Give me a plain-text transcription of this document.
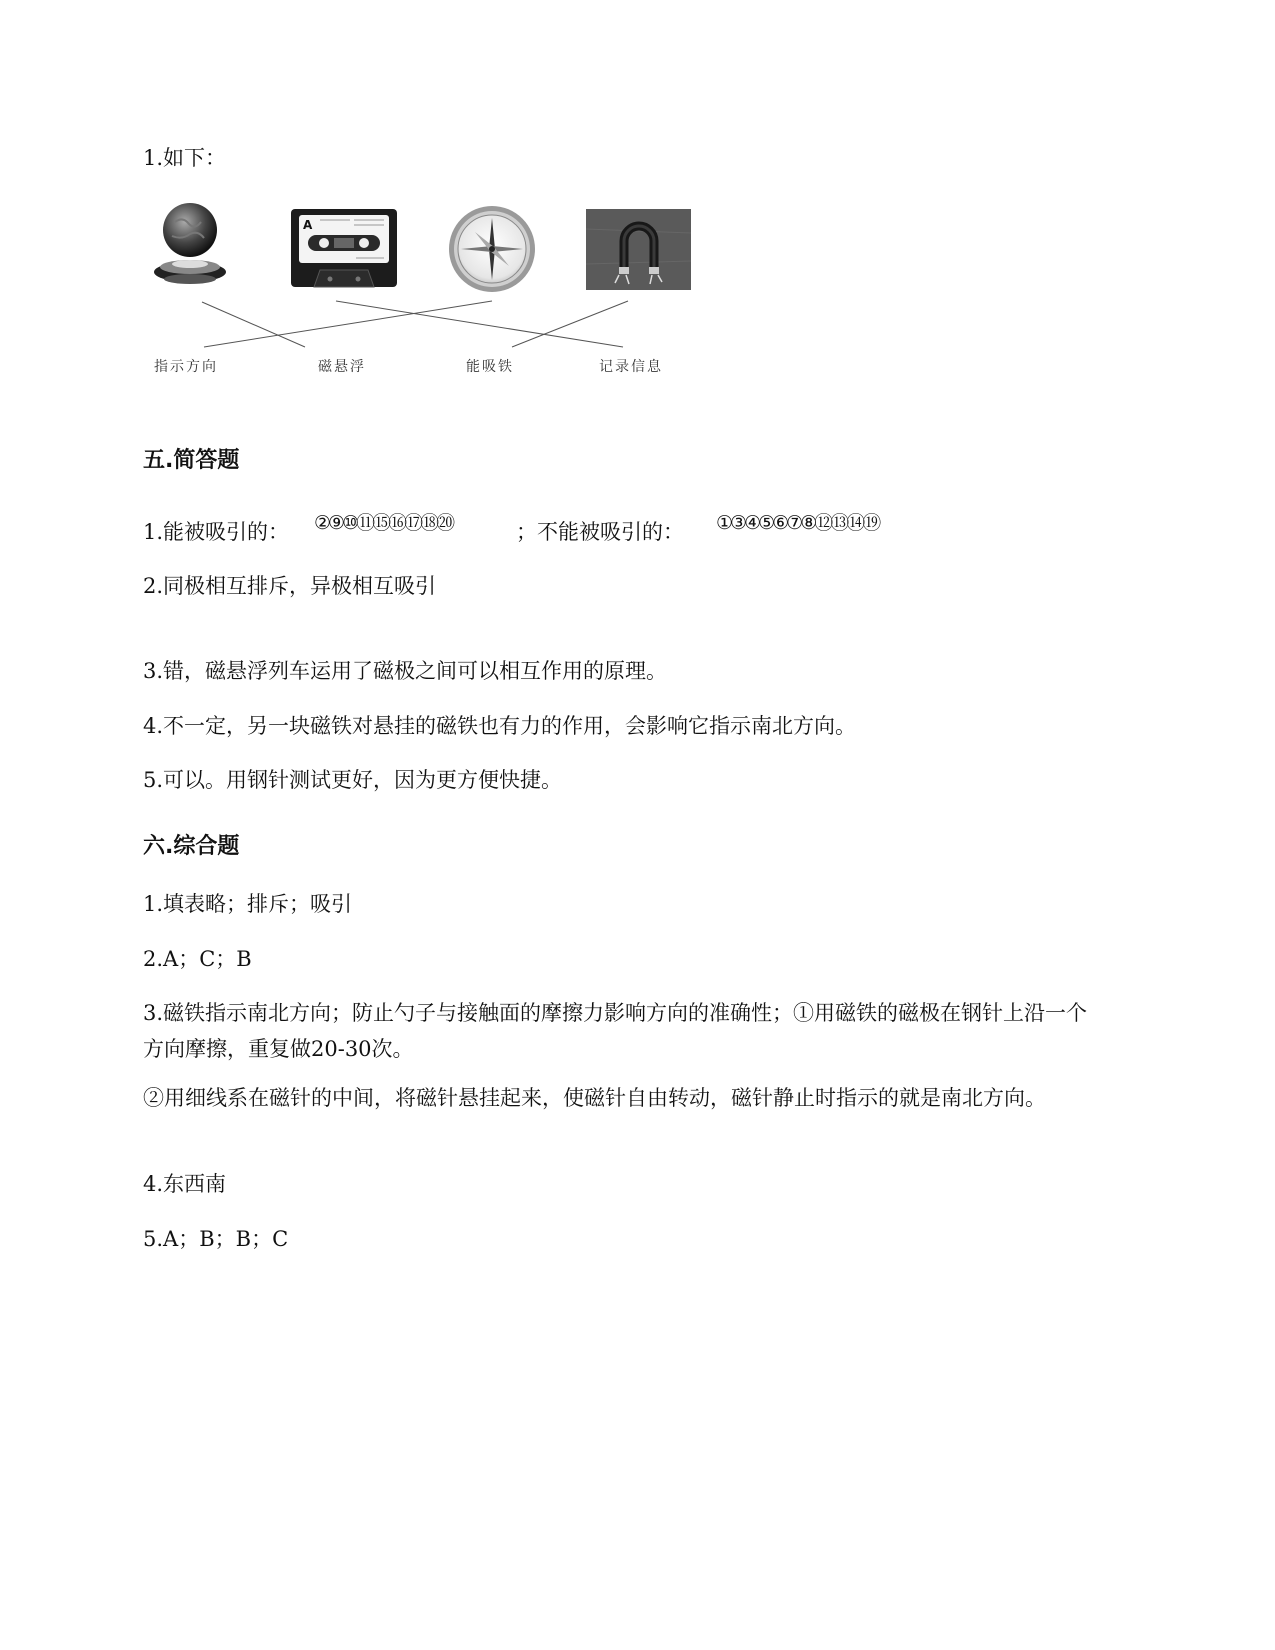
1.如下：
A
指示方向	磁悬浮	能吸铁	记录信息
五.简答题
1.能被吸引的： ②⑨⑩⑪⑮⑯⑰⑱⑳	；不能被吸引的： ①③④⑤⑥⑦⑧⑫⑬⑭⑲
2.同极相互排斥，异极相互吸引
3.错，磁悬浮列车运用了磁极之间可以相互作用的原理。
4.不一定，另一块磁铁对悬挂的磁铁也有力的作用，会影响它指示南北方向。
5.可以。用钢针测试更好，因为更方便快捷。
六.综合题
1.填表略；排斥；吸引
2.A；C；B
3.磁铁指示南北方向；防止勺子与接触面的摩擦力影响方向的准确性；①用磁铁的磁极在钢针上沿一个方向摩擦，重复做20-30次。
②用细线系在磁针的中间，将磁针悬挂起来，使磁针自由转动，磁针静止时指示的就是南北方向。
4.东西南
5.A；B；B；C
